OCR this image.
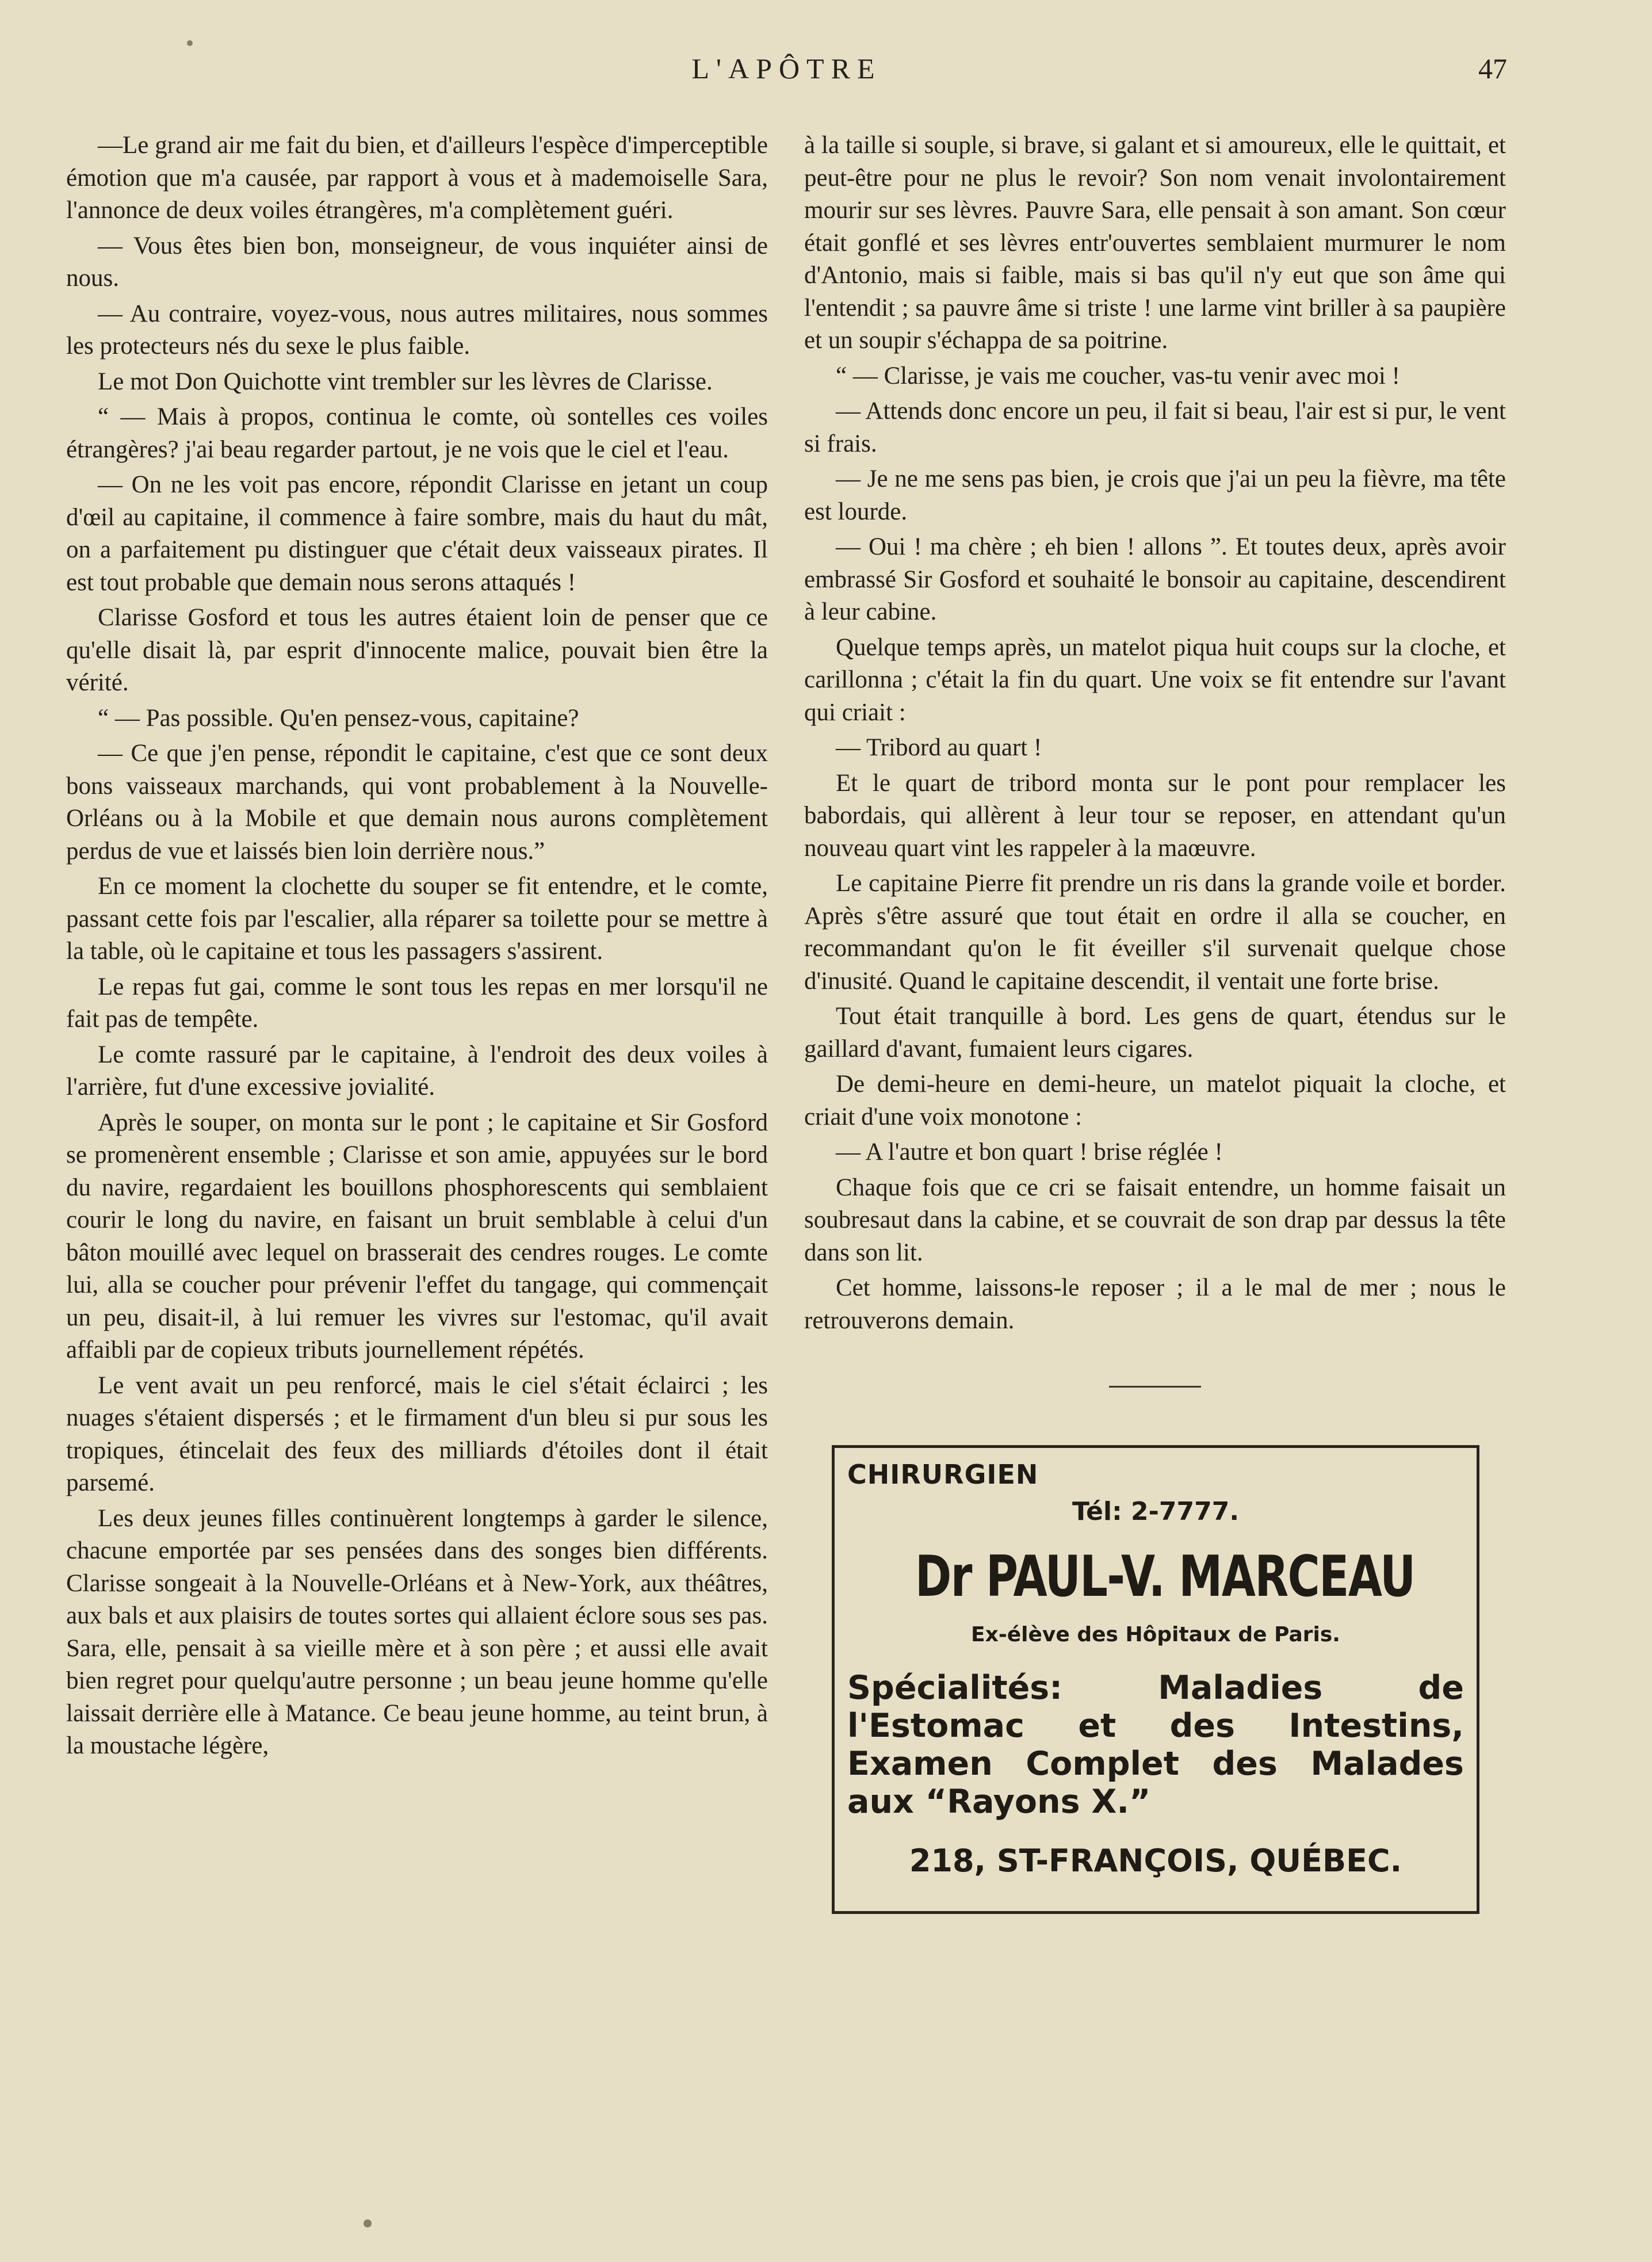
L'APÔTRE	47

—Le grand air me fait du bien, et d'ailleurs l'espèce d'imperceptible émotion que m'a causée, par rapport à vous et à mademoiselle Sara, l'annonce de deux voiles étrangères, m'a complètement guéri.

— Vous êtes bien bon, monseigneur, de vous inquiéter ainsi de nous.

— Au contraire, voyez-vous, nous autres militaires, nous sommes les protecteurs nés du sexe le plus faible.

Le mot Don Quichotte vint trembler sur les lèvres de Clarisse.

“ — Mais à propos, continua le comte, où sontelles ces voiles étrangères? j'ai beau regarder partout, je ne vois que le ciel et l'eau.

— On ne les voit pas encore, répondit Clarisse en jetant un coup d'œil au capitaine, il commence à faire sombre, mais du haut du mât, on a parfaitement pu distinguer que c'était deux vaisseaux pirates. Il est tout probable que demain nous serons attaqués !

Clarisse Gosford et tous les autres étaient loin de penser que ce qu'elle disait là, par esprit d'innocente malice, pouvait bien être la vérité.

“ — Pas possible. Qu'en pensez-vous, capitaine?

— Ce que j'en pense, répondit le capitaine, c'est que ce sont deux bons vaisseaux marchands, qui vont probablement à la Nouvelle-Orléans ou à la Mobile et que demain nous aurons complètement perdus de vue et laissés bien loin derrière nous.”

En ce moment la clochette du souper se fit entendre, et le comte, passant cette fois par l'escalier, alla réparer sa toilette pour se mettre à la table, où le capitaine et tous les passagers s'assirent.

Le repas fut gai, comme le sont tous les repas en mer lorsqu'il ne fait pas de tempête.

Le comte rassuré par le capitaine, à l'endroit des deux voiles à l'arrière, fut d'une excessive jovialité.

Après le souper, on monta sur le pont ; le capitaine et Sir Gosford se promenèrent ensemble ; Clarisse et son amie, appuyées sur le bord du navire, regardaient les bouillons phosphorescents qui semblaient courir le long du navire, en faisant un bruit semblable à celui d'un bâton mouillé avec lequel on brasserait des cendres rouges. Le comte lui, alla se coucher pour prévenir l'effet du tangage, qui commençait un peu, disait-il, à lui remuer les vivres sur l'estomac, qu'il avait affaibli par de copieux tributs journellement répétés.

Le vent avait un peu renforcé, mais le ciel s'était éclairci ; les nuages s'étaient dispersés ; et le firmament d'un bleu si pur sous les tropiques, étincelait des feux des milliards d'étoiles dont il était parsemé.

Les deux jeunes filles continuèrent longtemps à garder le silence, chacune emportée par ses pensées dans des songes bien différents. Clarisse songeait à la Nouvelle-Orléans et à New-York, aux théâtres, aux bals et aux plaisirs de toutes sortes qui allaient éclore sous ses pas. Sara, elle, pensait à sa vieille mère et à son père ; et aussi elle avait bien regret pour quelqu'autre personne ; un beau jeune homme qu'elle laissait derrière elle à Matance. Ce beau jeune homme, au teint brun, à la moustache légère,

à la taille si souple, si brave, si galant et si amoureux, elle le quittait, et peut-être pour ne plus le revoir? Son nom venait involontairement mourir sur ses lèvres. Pauvre Sara, elle pensait à son amant. Son cœur était gonflé et ses lèvres entr'ouvertes semblaient murmurer le nom d'Antonio, mais si faible, mais si bas qu'il n'y eut que son âme qui l'entendit ; sa pauvre âme si triste ! une larme vint briller à sa paupière et un soupir s'échappa de sa poitrine.

“ — Clarisse, je vais me coucher, vas-tu venir avec moi !

— Attends donc encore un peu, il fait si beau, l'air est si pur, le vent si frais.

— Je ne me sens pas bien, je crois que j'ai un peu la fièvre, ma tête est lourde.

— Oui ! ma chère ; eh bien ! allons ”. Et toutes deux, après avoir embrassé Sir Gosford et souhaité le bonsoir au capitaine, descendirent à leur cabine.

Quelque temps après, un matelot piqua huit coups sur la cloche, et carillonna ; c'était la fin du quart. Une voix se fit entendre sur l'avant qui criait :

— Tribord au quart !

Et le quart de tribord monta sur le pont pour remplacer les babordais, qui allèrent à leur tour se reposer, en attendant qu'un nouveau quart vint les rappeler à la maœuvre.

Le capitaine Pierre fit prendre un ris dans la grande voile et border. Après s'être assuré que tout était en ordre il alla se coucher, en recommandant qu'on le fit éveiller s'il survenait quelque chose d'inusité. Quand le capitaine descendit, il ventait une forte brise.

Tout était tranquille à bord. Les gens de quart, étendus sur le gaillard d'avant, fumaient leurs cigares.

De demi-heure en demi-heure, un matelot piquait la cloche, et criait d'une voix monotone :

— A l'autre et bon quart ! brise réglée !

Chaque fois que ce cri se faisait entendre, un homme faisait un soubresaut dans la cabine, et se couvrait de son drap par dessus la tête dans son lit.

Cet homme, laissons-le reposer ; il a le mal de mer ; nous le retrouverons demain.

CHIRURGIEN
Tél: 2-7777.
Dr PAUL-V. MARCEAU
Ex-élève des Hôpitaux de Paris.
Spécialités: Maladies de l'Estomac et des Intestins, Examen Complet des Malades aux “Rayons X.”
218, ST-FRANÇOIS, QUÉBEC.
